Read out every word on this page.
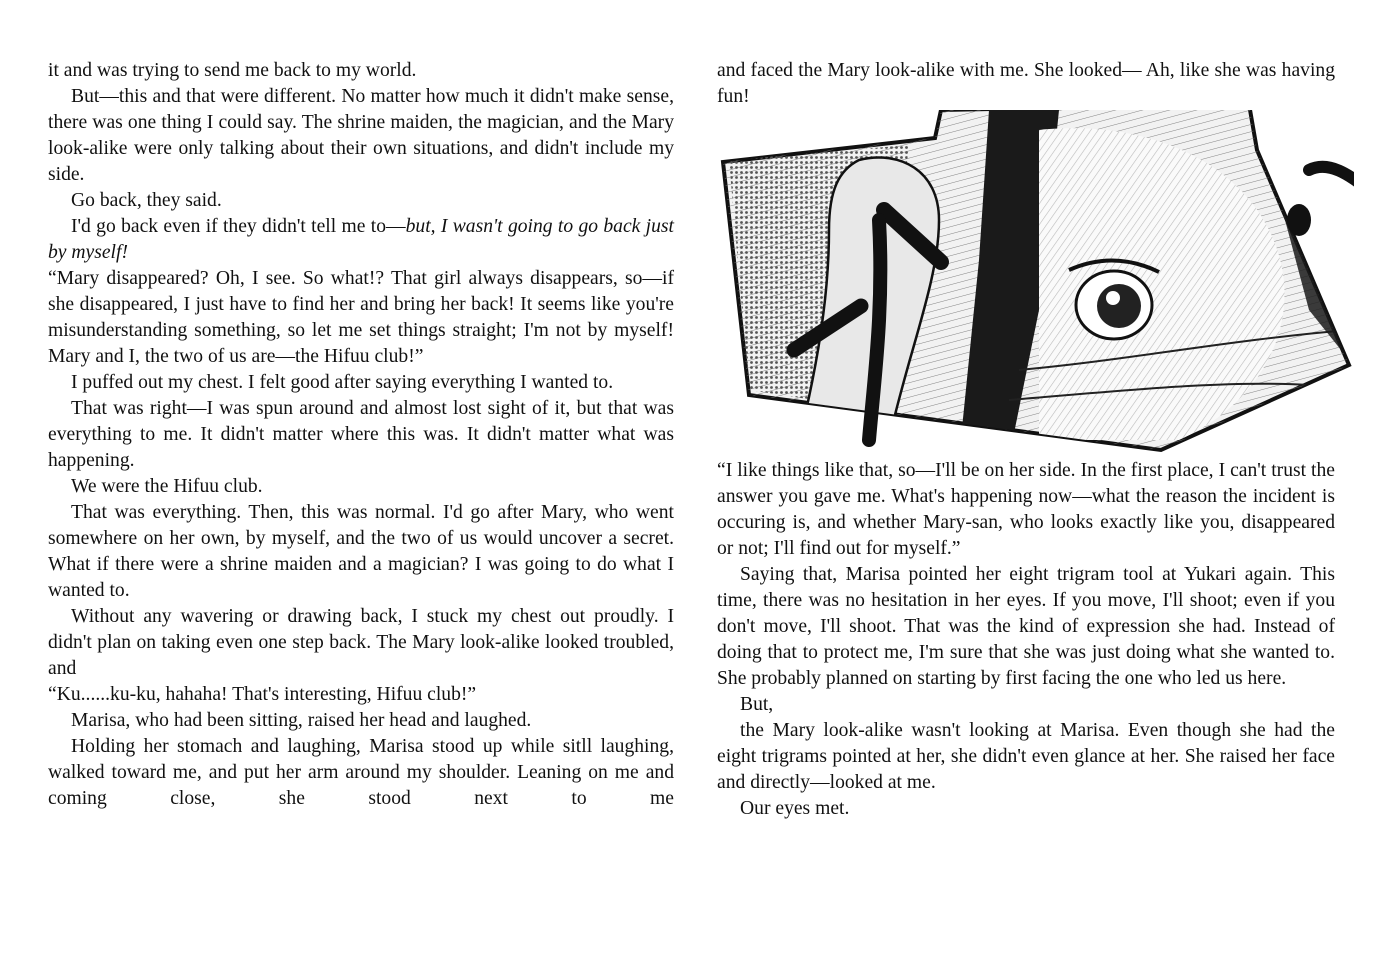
it and was trying to send me back to my world.

But—this and that were different. No matter how much it didn't make sense, there was one thing I could say. The shrine maiden, the magician, and the Mary look-alike were only talking about their own situations, and didn't include my side.

Go back, they said.

I'd go back even if they didn't tell me to—but, I wasn't going to go back just by myself!

“Mary disappeared? Oh, I see. So what!? That girl always disappears, so—if she disappeared, I just have to find her and bring her back! It seems like you're misunderstanding something, so let me set things straight; I'm not by myself! Mary and I, the two of us are—the Hifuu club!”

I puffed out my chest. I felt good after saying everything I wanted to.

That was right—I was spun around and almost lost sight of it, but that was everything to me. It didn't matter where this was. It didn't matter what was happening.

We were the Hifuu club.

That was everything. Then, this was normal. I'd go after Mary, who went somewhere on her own, by myself, and the two of us would uncover a secret. What if there were a shrine maiden and a magician? I was going to do what I wanted to.

Without any wavering or drawing back, I stuck my chest out proudly. I didn't plan on taking even one step back. The Mary look-alike looked troubled, and

“Ku......ku-ku, hahaha! That's interesting, Hifuu club!”

Marisa, who had been sitting, raised her head and laughed.

Holding her stomach and laughing, Marisa stood up while sitll laughing, walked toward me, and put her arm around my shoulder. Leaning on me and coming close, she stood next to me

and faced the Mary look-alike with me. She looked— Ah, like she was having fun!

“I like things like that, so—I'll be on her side. In the first place, I can't trust the answer you gave me. What's happening now—what the reason the incident is occuring is, and whether Mary-san, who looks exactly like you, disappeared or not; I'll find out for myself.”

Saying that, Marisa pointed her eight trigram tool at Yukari again. This time, there was no hesitation in her eyes. If you move, I'll shoot; even if you don't move, I'll shoot. That was the kind of expression she had. Instead of doing that to protect me, I'm sure that she was just doing what she wanted to. She probably planned on starting by first facing the one who led us here.

But,

the Mary look-alike wasn't looking at Marisa. Even though she had the eight trigrams pointed at her, she didn't even glance at her. She raised her face and directly—looked at me.

Our eyes met.
